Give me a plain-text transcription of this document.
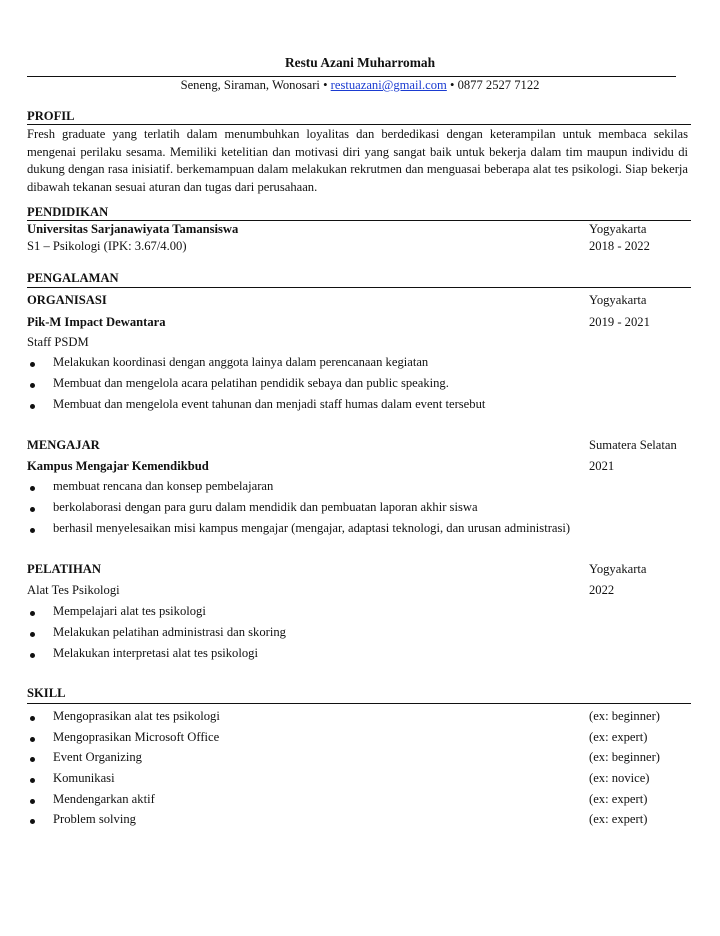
Restu Azani Muharromah
Seneng, Siraman, Wonosari • restuazani@gmail.com • 0877 2527 7122
PROFIL
Fresh graduate yang terlatih dalam menumbuhkan loyalitas dan berdedikasi dengan keterampilan untuk membaca sekilas mengenai perilaku sesama. Memiliki ketelitian dan motivasi diri yang sangat baik untuk bekerja dalam tim maupun individu di dukung dengan rasa inisiatif. berkemampuan dalam melakukan rekrutmen dan menguasai beberapa alat tes psikologi. Siap bekerja dibawah tekanan sesuai aturan dan tugas dari perusahaan.
PENDIDIKAN
Universitas Sarjanawiyata Tamansiswa	Yogyakarta
S1 – Psikologi (IPK: 3.67/4.00)	2018 - 2022
PENGALAMAN
ORGANISASI	Yogyakarta
Pik-M Impact Dewantara	2019 - 2021
Staff PSDM
Melakukan koordinasi dengan anggota lainya dalam perencanaan kegiatan
Membuat dan mengelola acara pelatihan pendidik sebaya dan public speaking.
Membuat dan mengelola event tahunan dan menjadi staff humas dalam event tersebut
MENGAJAR	Sumatera Selatan
Kampus Mengajar Kemendikbud	2021
membuat rencana dan konsep pembelajaran
berkolaborasi dengan para guru dalam mendidik dan pembuatan laporan akhir siswa
berhasil menyelesaikan misi kampus mengajar (mengajar, adaptasi teknologi, dan urusan administrasi)
PELATIHAN	Yogyakarta
Alat Tes Psikologi	2022
Mempelajari alat tes psikologi
Melakukan pelatihan administrasi dan skoring
Melakukan interpretasi alat tes psikologi
SKILL
Mengoprasikan alat tes psikologi	(ex: beginner)
Mengoprasikan Microsoft Office	(ex: expert)
Event Organizing	(ex: beginner)
Komunikasi	(ex: novice)
Mendengarkan aktif	(ex: expert)
Problem solving	(ex: expert)
